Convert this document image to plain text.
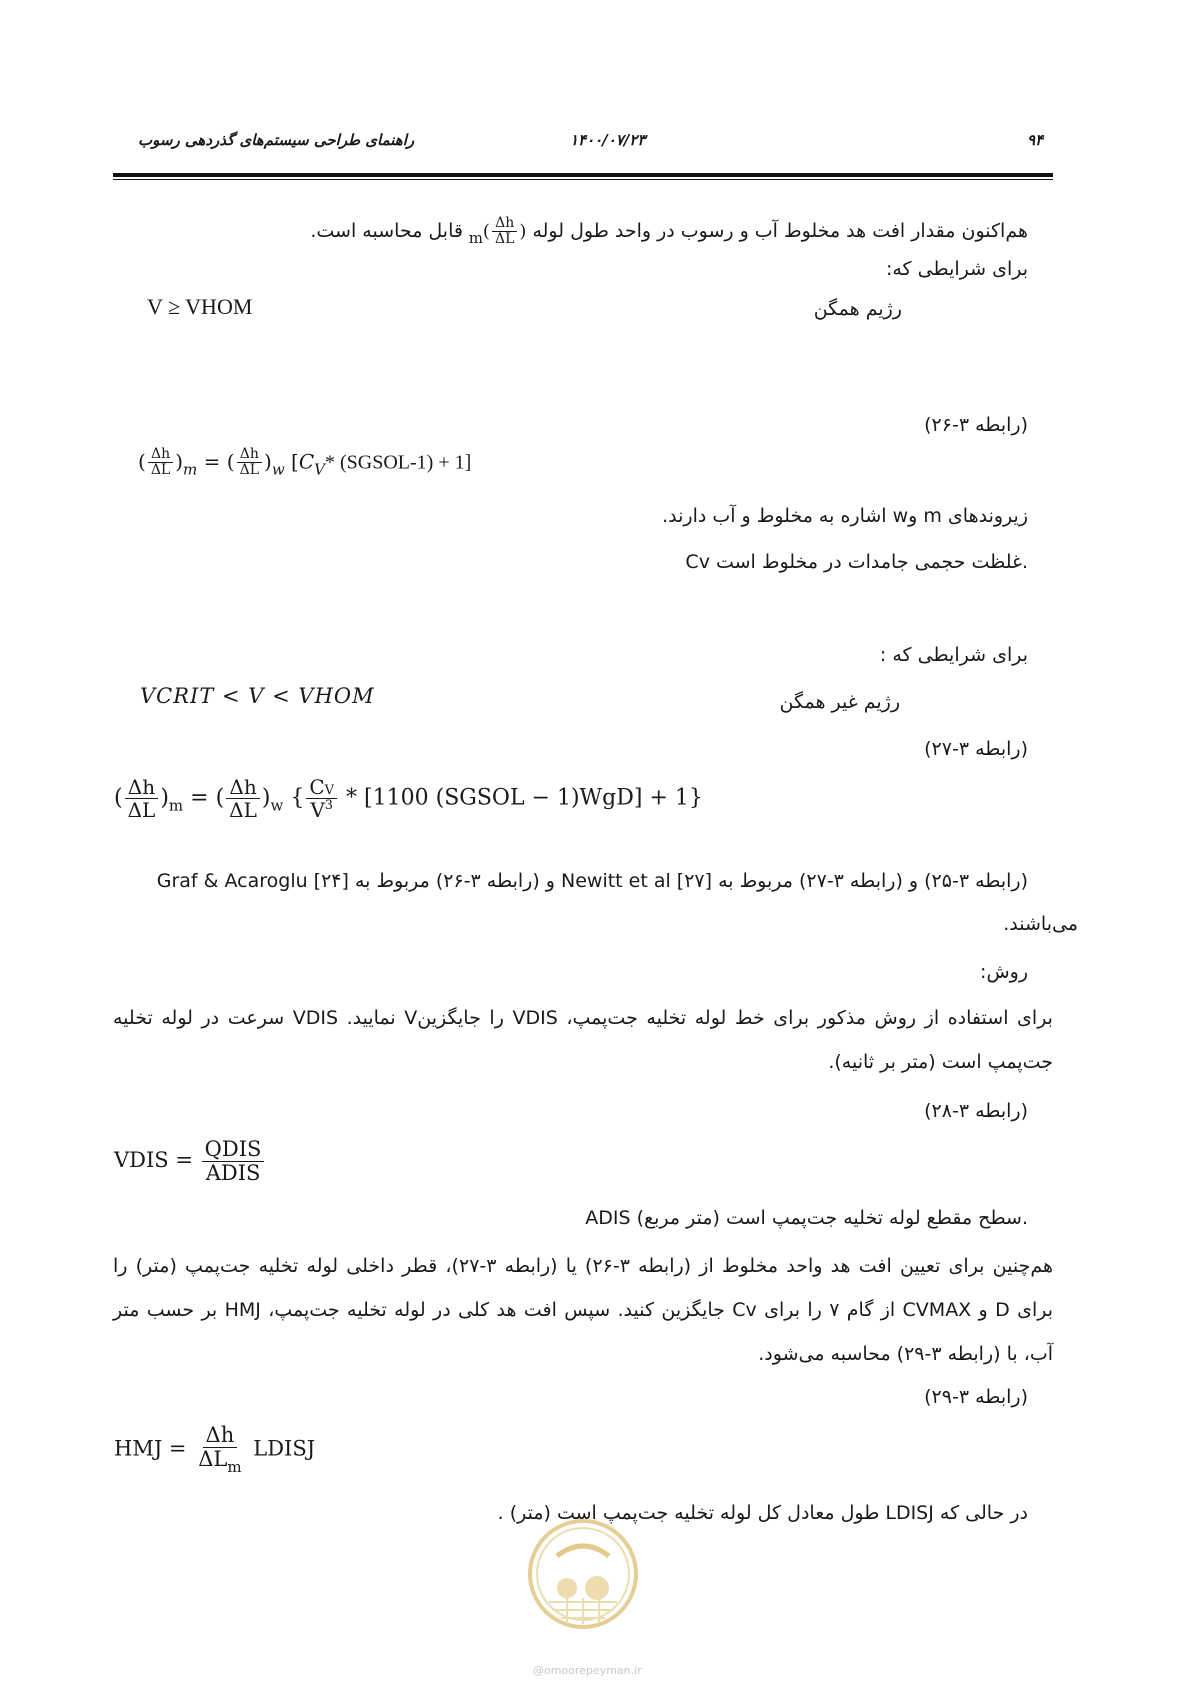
۹۴
۱۴۰۰/۰۷/۲۳
راهنمای طراحی سیستم‌های گذردهی رسوب
هم‌اکنون مقدار افت هد مخلوط آب و رسوب در واحد طول لوله (
$\frac{\Delta h}{\Delta L}$
)$_m$ قابل محاسبه است.
برای شرایطی که:
V ≥ VHOM	رژیم همگن
(رابطه ۳-۲۶)
( $\frac{\Delta h}{\Delta L} )_m$ = ( $\frac{\Delta h}{\Delta L} )_w$ [$C_V*$ (SGSOL-1) + 1]
زیروندهای m وw اشاره به مخلوط و آب دارند.
Cv غلظت حجمی جامدات در مخلوط است.
برای شرایطی که :
VCRIT < V < VHOM	رژیم غیر همگن
(رابطه ۳-۲۷)
( $\frac{\Delta h}{\Delta L} )_m$ = ( $\frac{\Delta h}{\Delta L} )_w$ { $\frac{CV}{V^3} * [1100$ (SGSOL − 1)WgD] + 1}
(رابطه ۳-۲۵) و (رابطه ۳-۲۷) مربوط به Newitt et al [۲۷] و (رابطه ۳-۲۶) مربوط به Graf & Acaroglu [۲۴]
می‌باشند.
روش:
برای استفاده از روش مذکور برای خط لوله تخلیه جت‌پمپ، VDIS را جایگزینV نمایید. VDIS سرعت در لوله تخلیه جت‌پمپ است (متر بر ثانیه).
(رابطه ۳-۲۸)
VDIS = $\frac{\text{QDIS}}{\text{ADIS}}$
ADIS سطح مقطع لوله تخلیه جت‌پمپ است (متر مربع).
هم‌چنین برای تعیین افت هد واحد مخلوط از (رابطه ۳-۲۶) یا (رابطه ۳-۲۷)، قطر داخلی لوله تخلیه جت‌پمپ (متر) را برای D و CVMAX از گام ۷ را برای Cv جایگزین کنید. سپس افت هد کلی در لوله تخلیه جت‌پمپ، HMJ بر حسب متر آب، با (رابطه ۳-۲۹) محاسبه می‌شود.
(رابطه ۳-۲۹)
HMJ = $\frac{\Delta h}{\Delta L_m}$ LDISJ
در حالی که LDISJ طول معادل کل لوله تخلیه جت‌پمپ است (متر) .
@omoorepeyman.ir
